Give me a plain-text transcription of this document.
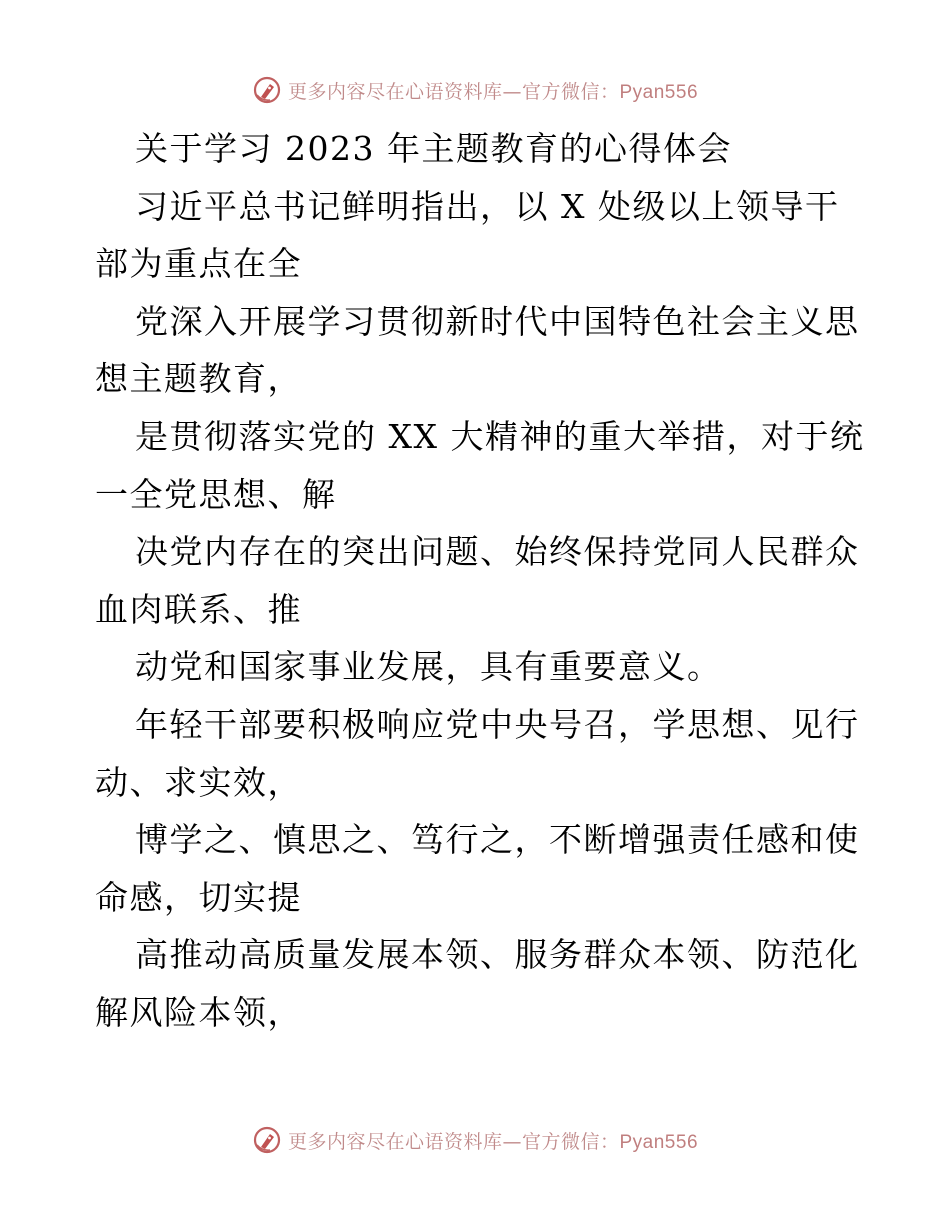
更多内容尽在心语资料库—官方微信：Pyan556
关于学习 2023 年主题教育的心得体会
习近平总书记鲜明指出，以 X 处级以上领导干
部为重点在全
党深入开展学习贯彻新时代中国特色社会主义思
想主题教育，
是贯彻落实党的 XX 大精神的重大举措，对于统
一全党思想、解
决党内存在的突出问题、始终保持党同人民群众
血肉联系、推
动党和国家事业发展，具有重要意义。
年轻干部要积极响应党中央号召，学思想、见行
动、求实效，
博学之、慎思之、笃行之，不断增强责任感和使
命感，切实提
高推动高质量发展本领、服务群众本领、防范化
解风险本领，
更多内容尽在心语资料库—官方微信：Pyan556
